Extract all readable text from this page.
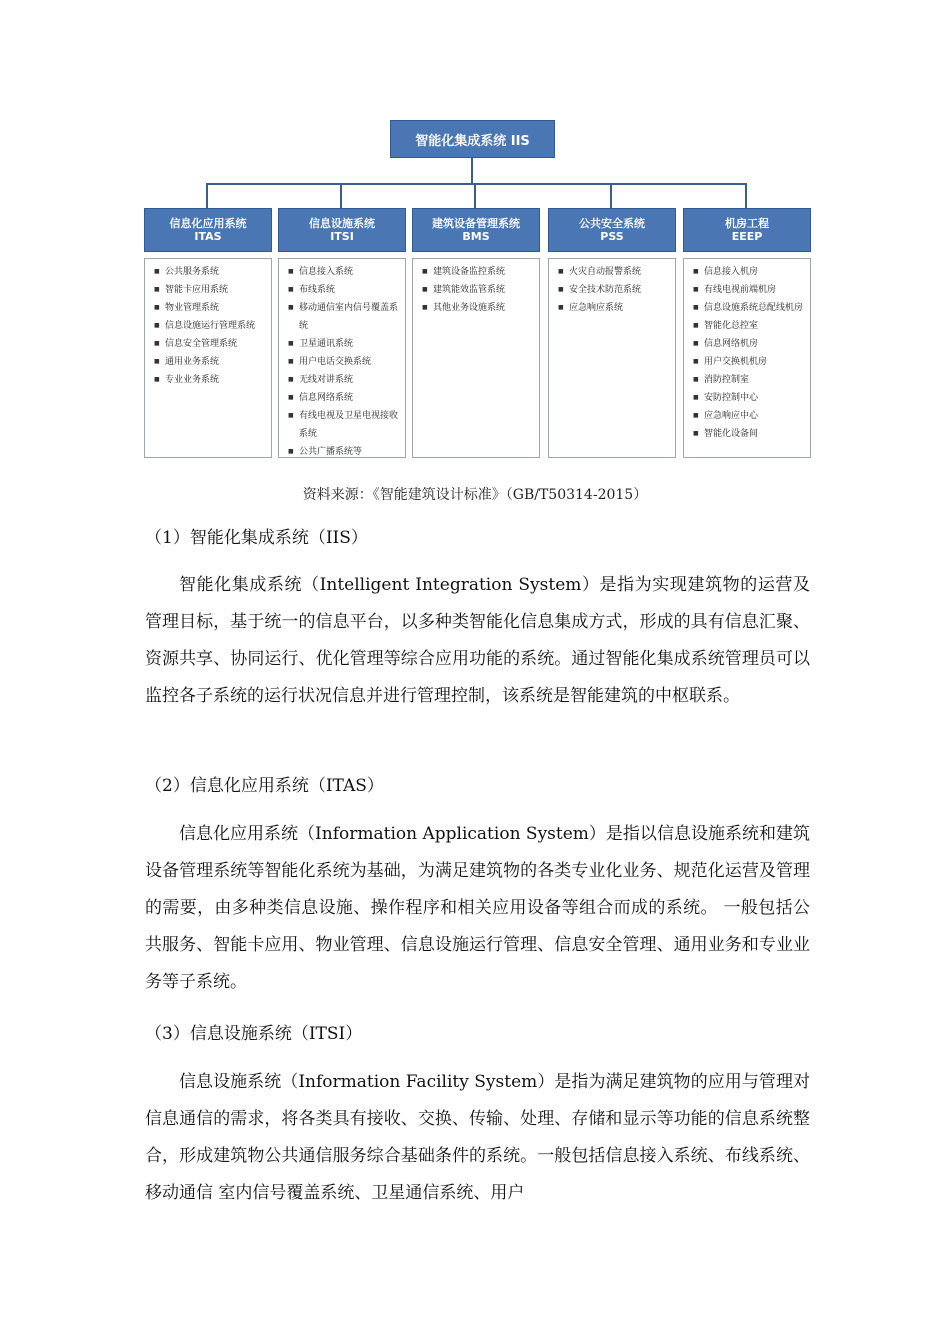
智能化集成系统 IIS
信息化应用系统
ITAS
■ 公共服务系统
■ 智能卡应用系统
■ 物业管理系统
■ 信息设施运行管理系统
■ 信息安全管理系统
■ 通用业务系统
■ 专业业务系统
信息设施系统
ITSI
■ 信息接入系统
■ 布线系统
■ 移动通信室内信号覆盖系统
■ 卫星通讯系统
■ 用户电话交换系统
■ 无线对讲系统
■ 信息网络系统
■ 有线电视及卫星电视接收系统
■ 公共广播系统等
建筑设备管理系统
BMS
■ 建筑设备监控系统
■ 建筑能效监管系统
■ 其他业务设施系统
公共安全系统
PSS
■ 火灾自动报警系统
■ 安全技术防范系统
■ 应急响应系统
机房工程
EEEP
■ 信息接入机房
■ 有线电视前端机房
■ 信息设施系统总配线机房
■ 智能化总控室
■ 信息网络机房
■ 用户交换机机房
■ 消防控制室
■ 安防控制中心
■ 应急响应中心
■ 智能化设备间
资料来源：《智能建筑设计标准》（GB/T50314-2015）
（1）智能化集成系统（IIS）
智能化集成系统（Intelligent Integration System）是指为实现建筑物的运营及管理目标，基于统一的信息平台，以多种类智能化信息集成方式，形成的具有信息汇聚、资源共享、协同运行、优化管理等综合应用功能的系统。通过智能化集成系统管理员可以监控各子系统的运行状况信息并进行管理控制，该系统是智能建筑的中枢联系。
（2）信息化应用系统（ITAS）
信息化应用系统（Information Application System）是指以信息设施系统和建筑设备管理系统等智能化系统为基础，为满足建筑物的各类专业化业务、规范化运营及管理的需要，由多种类信息设施、操作程序和相关应用设备等组合而成的系统。 一般包括公共服务、智能卡应用、物业管理、信息设施运行管理、信息安全管理、通用业务和专业业务等子系统。
（3）信息设施系统（ITSI）
信息设施系统（Information Facility System）是指为满足建筑物的应用与管理对信息通信的需求，将各类具有接收、交换、传输、处理、存储和显示等功能的信息系统整合，形成建筑物公共通信服务综合基础条件的系统。一般包括信息接入系统、布线系统、移动通信 室内信号覆盖系统、卫星通信系统、用户
